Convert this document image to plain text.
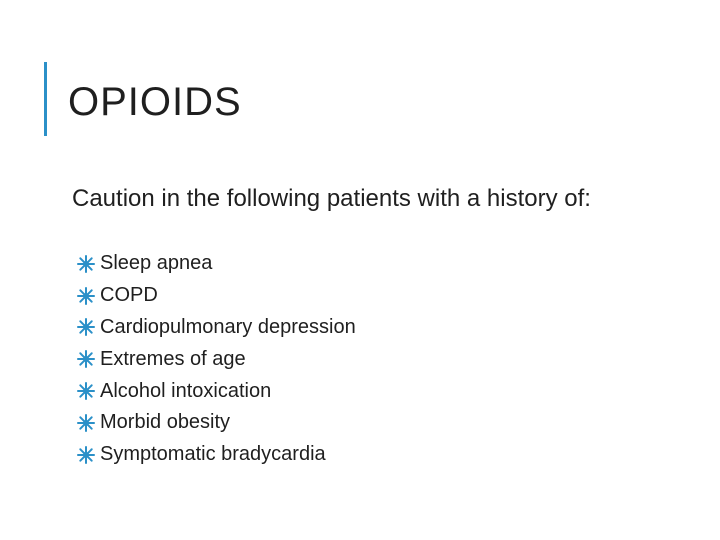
OPIOIDS
Caution in the following patients with a history of:
Sleep apnea
COPD
Cardiopulmonary depression
Extremes of age
Alcohol intoxication
Morbid obesity
Symptomatic bradycardia
